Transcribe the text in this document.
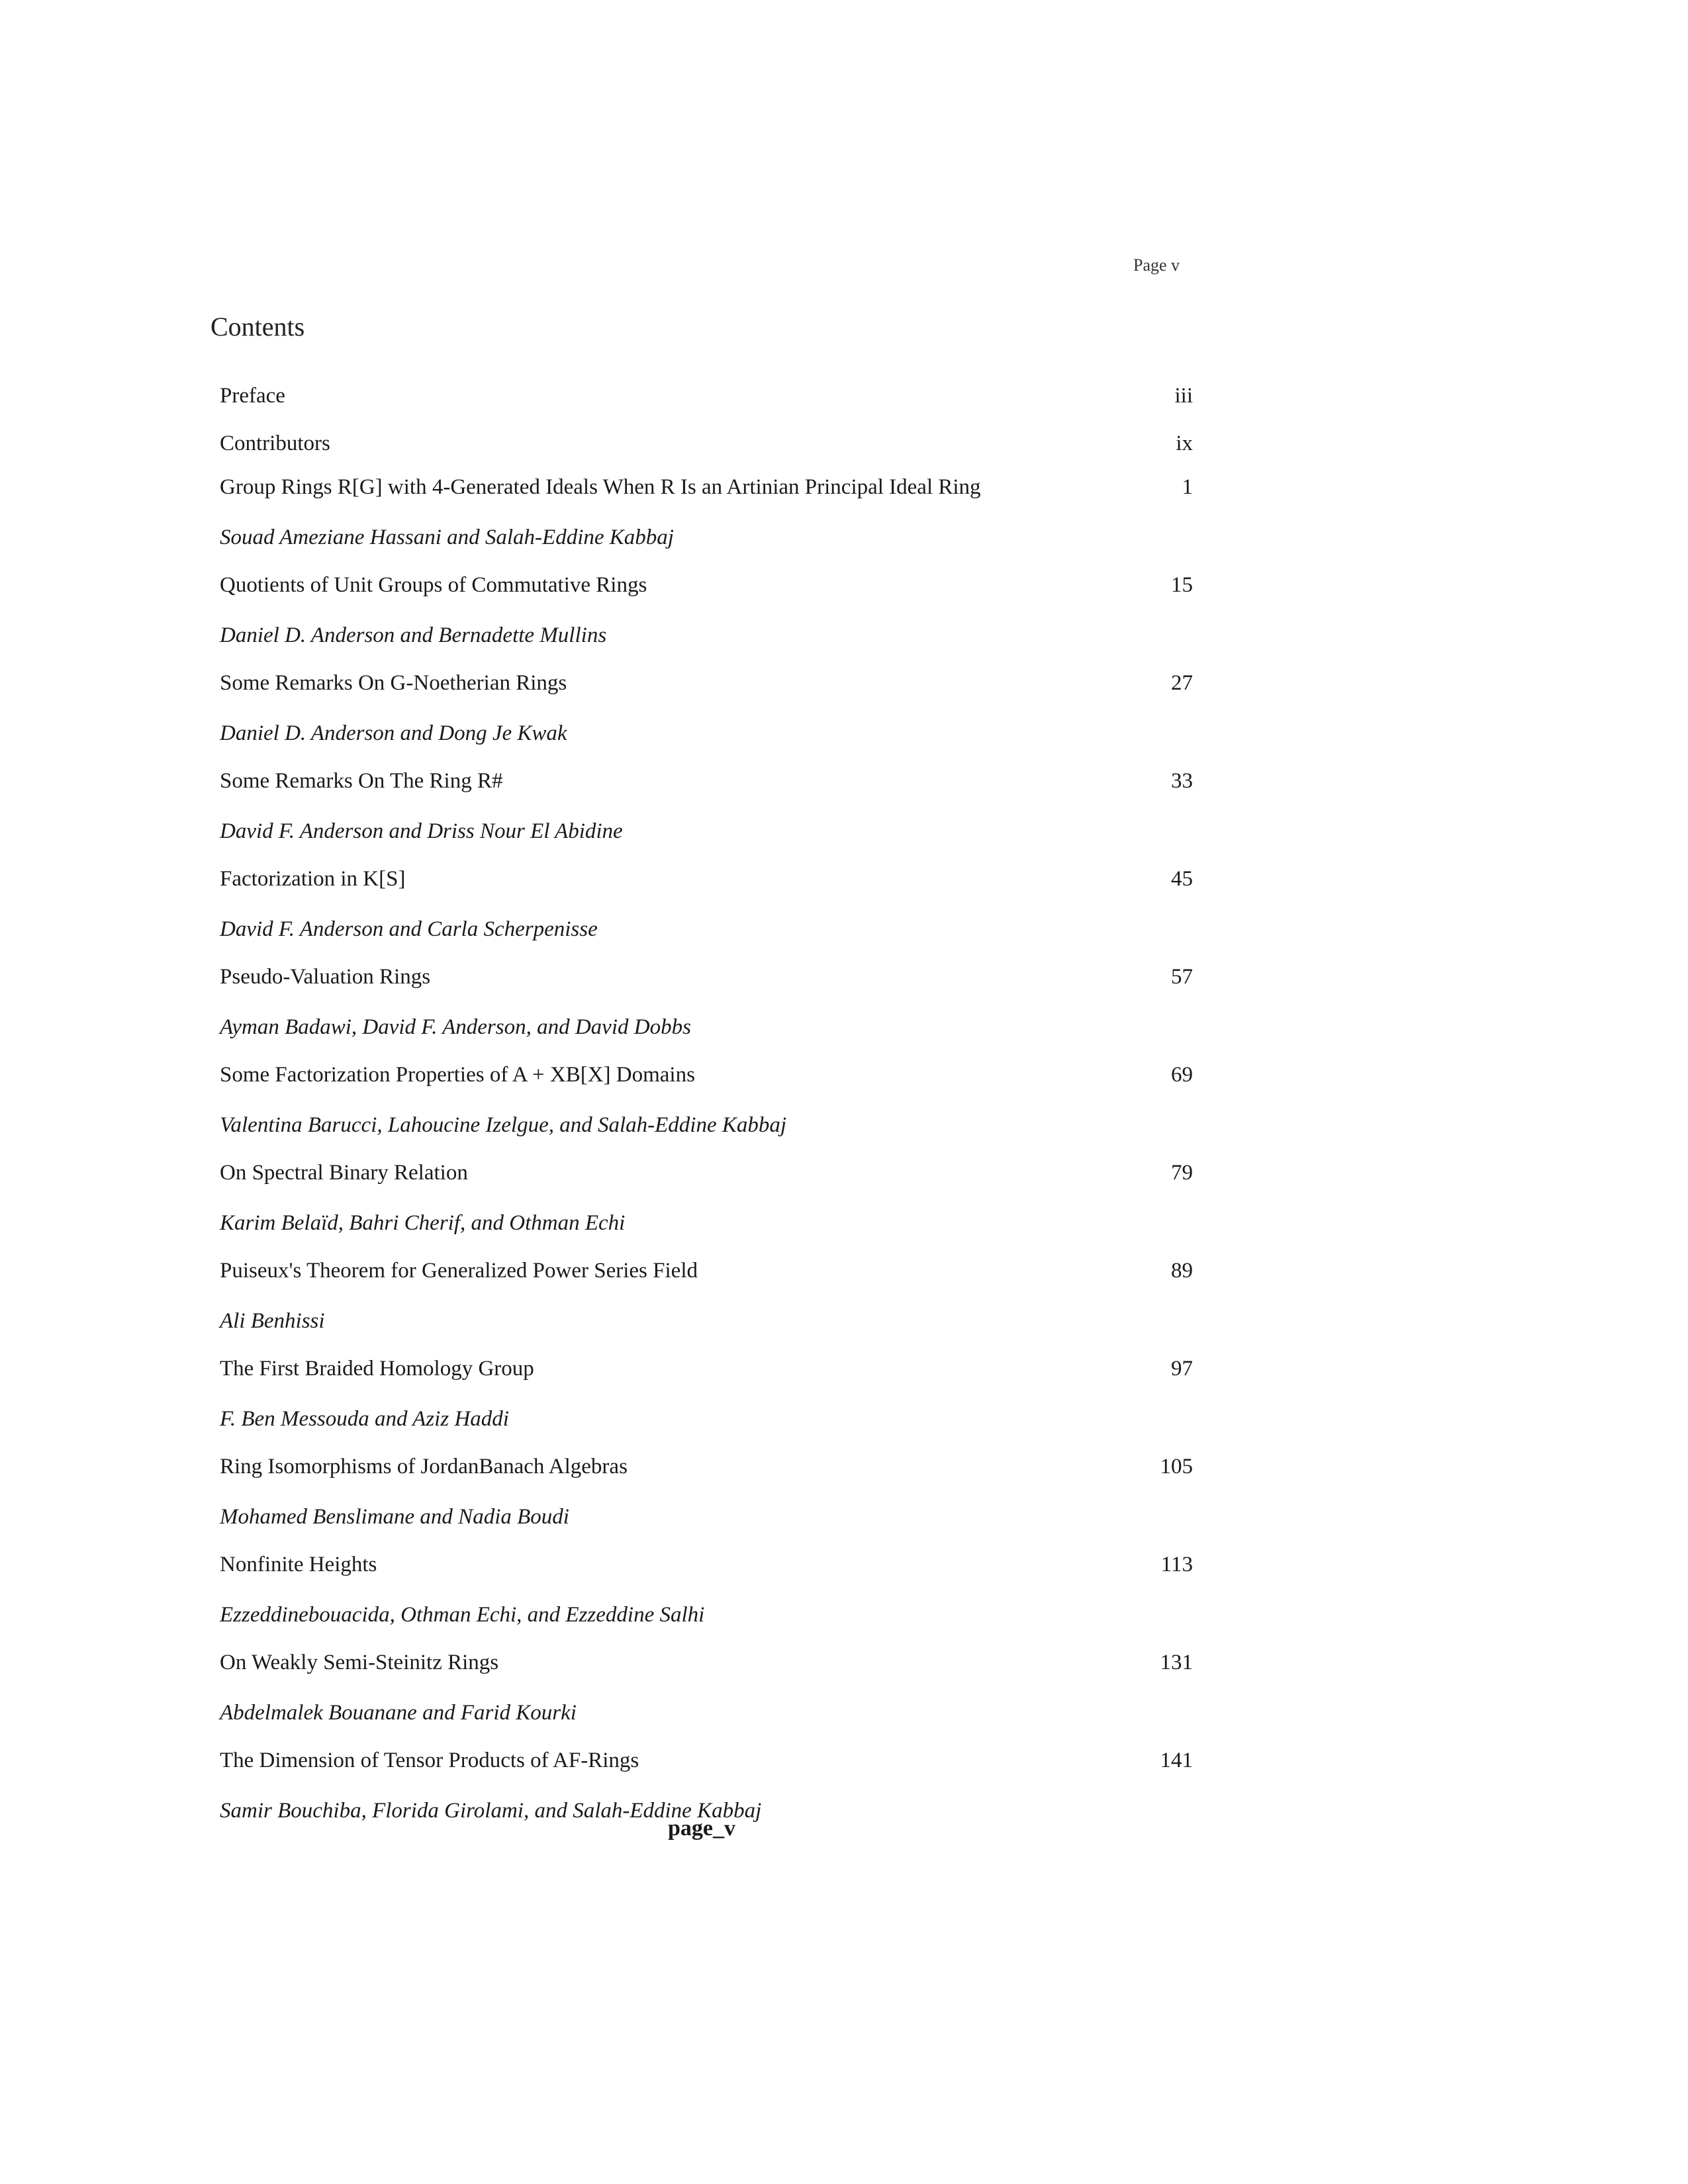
Page v
Contents
Preface	iii
Contributors	ix
Group Rings R[G] with 4-Generated Ideals When R Is an Artinian Principal Ideal Ring	1
Souad Ameziane Hassani and Salah-Eddine Kabbaj
Quotients of Unit Groups of Commutative Rings	15
Daniel D. Anderson and Bernadette Mullins
Some Remarks On G-Noetherian Rings	27
Daniel D. Anderson and Dong Je Kwak
Some Remarks On The Ring R#	33
David F. Anderson and Driss Nour El Abidine
Factorization in K[S]	45
David F. Anderson and Carla Scherpenisse
Pseudo-Valuation Rings	57
Ayman Badawi, David F. Anderson, and David Dobbs
Some Factorization Properties of A + XB[X] Domains	69
Valentina Barucci, Lahoucine Izelgue, and Salah-Eddine Kabbaj
On Spectral Binary Relation	79
Karim Belaïd, Bahri Cherif, and Othman Echi
Puiseux's Theorem for Generalized Power Series Field	89
Ali Benhissi
The First Braided Homology Group	97
F. Ben Messouda and Aziz Haddi
Ring Isomorphisms of JordanBanach Algebras	105
Mohamed Benslimane and Nadia Boudi
Nonfinite Heights	113
Ezzeddinebouacida, Othman Echi, and Ezzeddine Salhi
On Weakly Semi-Steinitz Rings	131
Abdelmalek Bouanane and Farid Kourki
The Dimension of Tensor Products of AF-Rings	141
Samir Bouchiba, Florida Girolami, and Salah-Eddine Kabbaj
page_v
